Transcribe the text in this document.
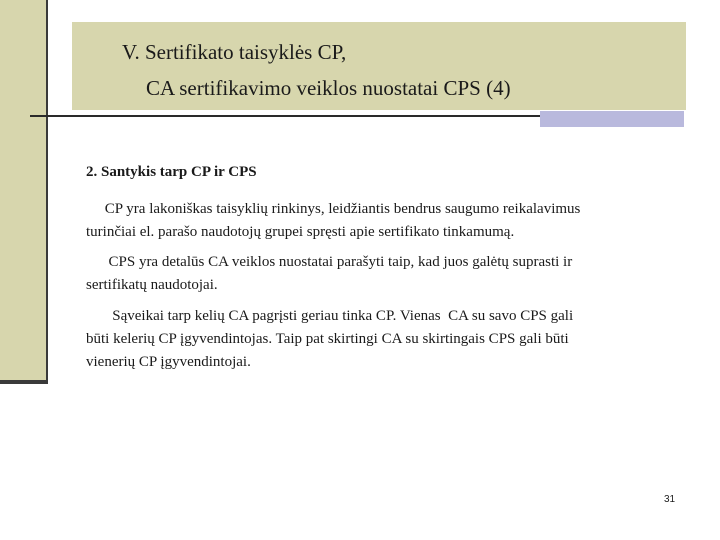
V. Sertifikato taisyklės CP,
CA sertifikavimo veiklos nuostatai CPS (4)
2. Santykis tarp CP ir CPS
CP yra lakoniškas taisyklių rinkinys, leidžiantis bendrus saugumo reikalavimus
turinčiai el. parašo naudotojų grupei spręsti apie sertifikato tinkamumą.
CPS yra detalūs CA veiklos nuostatai parašyti taip, kad juos galėtų suprasti ir
sertifikatų naudotojai.
Sąveikai tarp kelių CA pagrįsti geriau tinka CP. Vienas  CA su savo CPS gali
būti kelerių CP įgyvendintojas. Taip pat skirtingi CA su skirtingais CPS gali būti
vienerių CP įgyvendintojai.
31
